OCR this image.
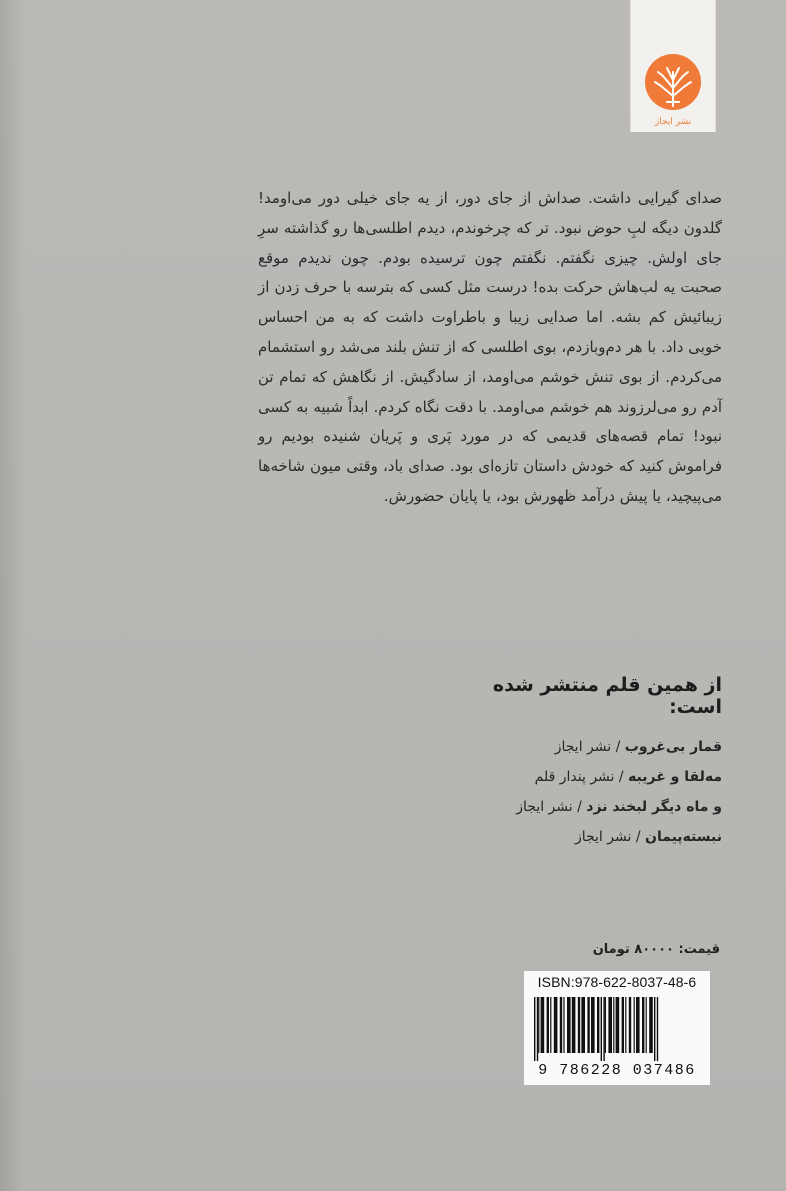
نشر ایجاز
صدای گیرایی داشت. صداش از جای دور، از یه جای خیلی دور می‌اومد! گلدون دیگه لبِ حوض نبود. تر که چرخوندم، دیدم اطلسی‌ها رو گذاشته سرِ جای اولش. چیزی نگفتم. نگفتم چون ترسیده بودم. چون ندیدم موقع صحبت یه لب‌هاش حرکت بده! درست مثل کسی که بترسه با حرف زدن از زیبائیش کم بشه. اما صدایی زیبا و باطراوت داشت که به من احساس خوبی داد. با هر دم‌وبازدم، بوی اطلسی که از تنش بلند می‌شد رو استشمام می‌کردم. از بوی تنش خوشم می‌اومد، از سادگیش. از نگاهش که تمام تن آدم رو می‌لرزوند هم خوشم می‌اومد. با دقت نگاه کردم. ابداً شبیه به کسی نبود! تمام قصه‌های قدیمی که در مورد پَری و پَریان شنیده بودیم رو فراموش کنید که خودش داستان تازه‌ای بود. صدای باد، وقتی میون شاخه‌ها می‌پیچید، یا پیش درآمد ظهورش بود، یا پایان حضورش.
از همین قلم منتشر شده است:
قمار بی‌غروب / نشر ایجاز
مه‌لقا و غریبه / نشر پندار قلم
و ماه دیگر لبخند نزد / نشر ایجاز
نبسته‌پیمان / نشر ایجاز
قیمت: ۸۰۰۰۰ تومان
ISBN:978-622-8037-48-6
9 786228 037486
